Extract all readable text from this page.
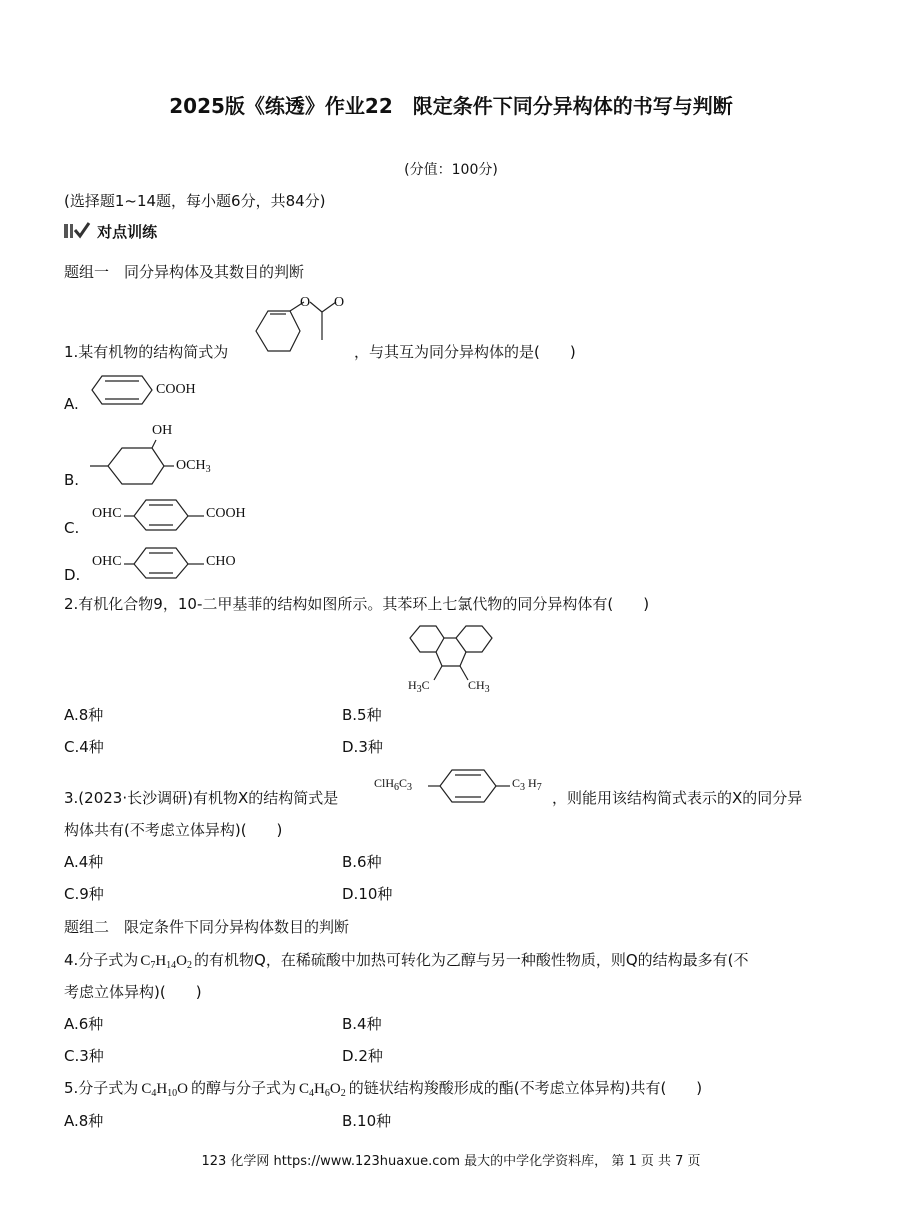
2025版《练透》作业22　限定条件下同分异构体的书写与判断
(分值：100分)
(选择题1~14题，每小题6分，共84分)
对点训练
题组一　同分异构体及其数目的判断
1.某有机物的结构简式为
O O
，与其互为同分异构体的是(　　)
A.
COOH
B.
OH
$OCH_3$
C.
OHC	COOH
D.
OHC	CHO
2.有机化合物9，10-二甲基菲的结构如图所示。其苯环上七氯代物的同分异构体有(　　)
$H_3C$	$CH_3$
A.8种	B.5种
C.4种	D.3种
3.(2023·长沙调研)有机物X的结构简式是
$ClH_6C_3$	$C_3$ $H_7$
，则能用该结构简式表示的X的同分异
构体共有(不考虑立体异构)(　　)
A.4种	B.6种
C.9种	D.10种
题组二　限定条件下同分异构体数目的判断
4.分子式为 $C_7H_{14}O_2$ 的有机物Q，在稀硫酸中加热可转化为乙醇与另一种酸性物质，则Q的结构最多有(不
考虑立体异构)(　　)
A.6种	B.4种
C.3种	D.2种
5.分子式为 $C_4H_{10}O$ 的醇与分子式为 $C_4H_6O_2$ 的链状结构羧酸形成的酯(不考虑立体异构)共有(　　)
A.8种	B.10种
123 化学网 https://www.123huaxue.com 最大的中学化学资料库， 第 1 页 共 7 页
